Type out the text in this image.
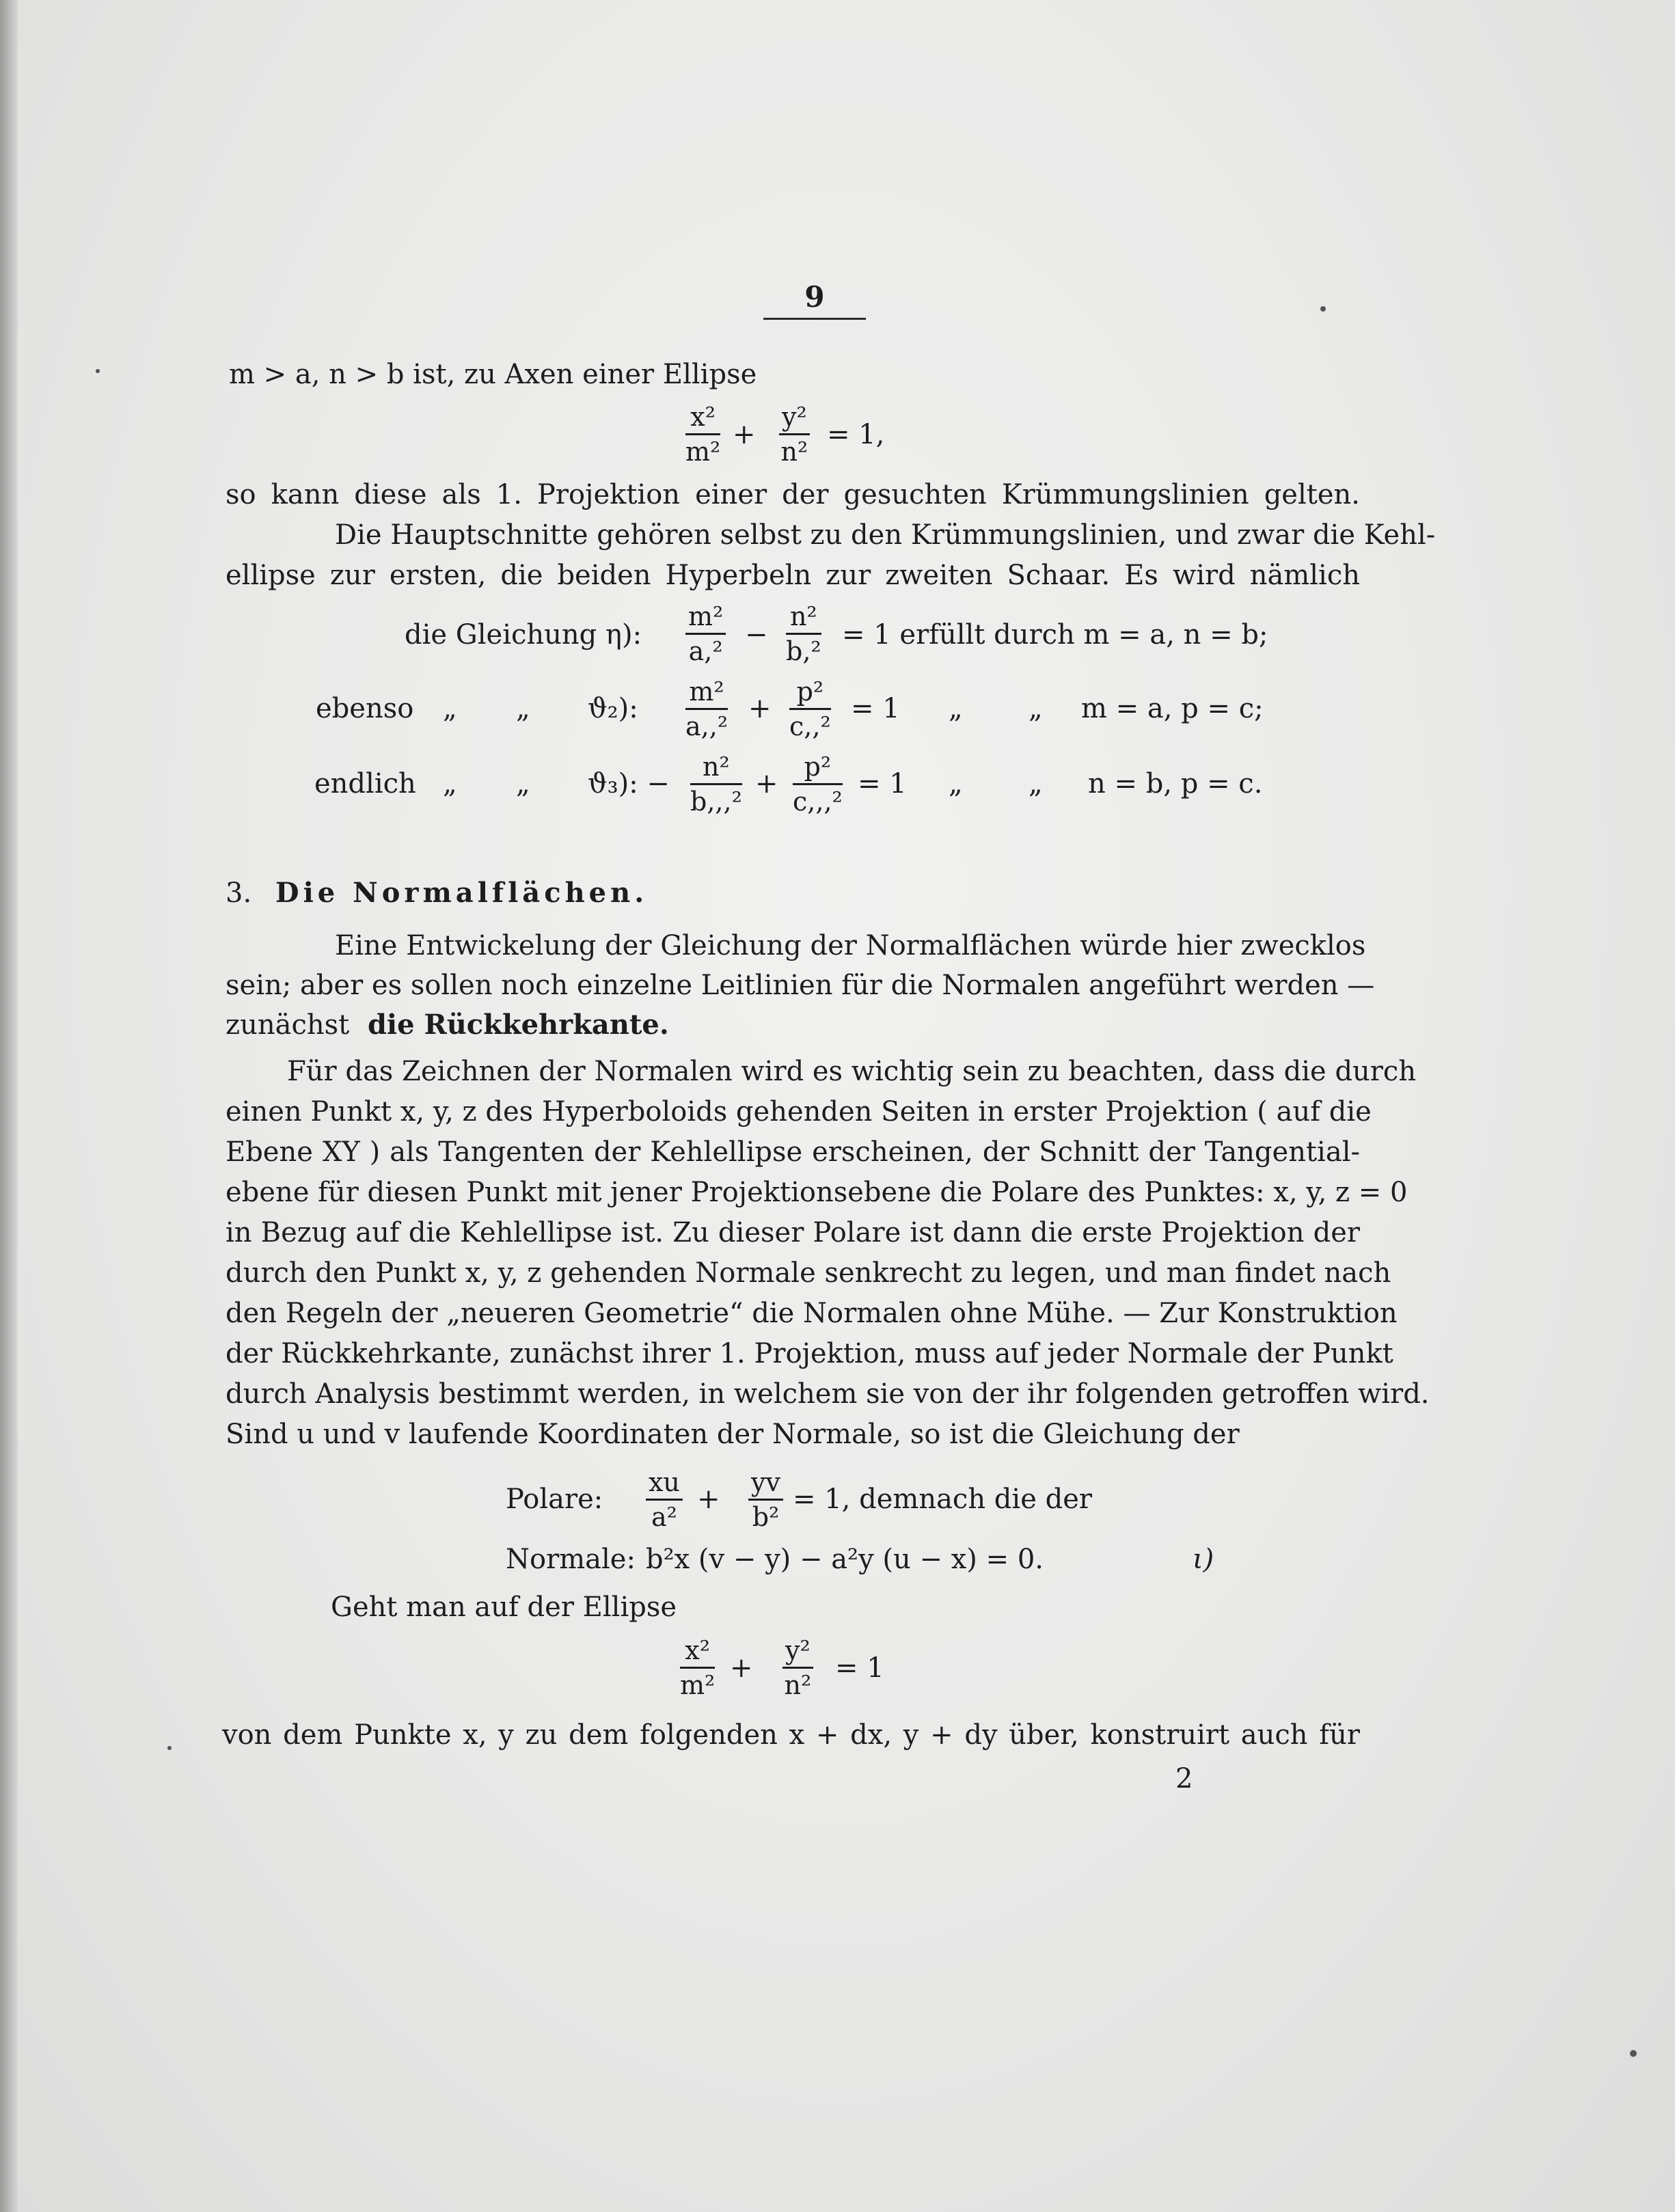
9
m > a, n > b ist, zu Axen einer Ellipse
$\frac{\text{x²}}{\text{m²}} + \frac{\text{y²}}{\text{n²}} = 1$,
so kann diese als 1. Projektion einer der gesuchten Krümmungslinien gelten.
Die Hauptschnitte gehören selbst zu den Krümmungslinien, und zwar die Kehl-
ellipse zur ersten, die beiden Hyperbeln zur zweiten Schaar. Es wird nämlich
die Gleichung η): $\frac{\text{m²}}{\text{a,²}} - \frac{\text{n²}}{\text{b,²}} = 1$ erfüllt durch m = a, n = b;
ebenso „ „ ϑ₂): $\frac{\text{m²}}{\text{a,,²}} + \frac{\text{p²}}{\text{c,,²}} = 1$ „ „ m = a, p = c;
endlich „ „ ϑ₃): − $\frac{\text{n²}}{\text{b,,,²}} + \frac{\text{p²}}{\text{c,,,²}} = 1$ „ „ n = b, p = c.
3. Die Normalflächen.
Eine Entwickelung der Gleichung der Normalflächen würde hier zwecklos
sein; aber es sollen noch einzelne Leitlinien für die Normalen angeführt werden —
zunächst die Rückkehrkante.
Für das Zeichnen der Normalen wird es wichtig sein zu beachten, dass die durch
einen Punkt x, y, z des Hyperboloids gehenden Seiten in erster Projektion ( auf die
Ebene XY ) als Tangenten der Kehlellipse erscheinen, der Schnitt der Tangential-
ebene für diesen Punkt mit jener Projektionsebene die Polare des Punktes: x, y, z = 0
in Bezug auf die Kehlellipse ist. Zu dieser Polare ist dann die erste Projektion der
durch den Punkt x, y, z gehenden Normale senkrecht zu legen, und man findet nach
den Regeln der „neueren Geometrie“ die Normalen ohne Mühe. — Zur Konstruktion
der Rückkehrkante, zunächst ihrer 1. Projektion, muss auf jeder Normale der Punkt
durch Analysis bestimmt werden, in welchem sie von der ihr folgenden getroffen wird.
Sind u und v laufende Koordinaten der Normale, so ist die Gleichung der
Polare: $\frac{xu}{\text{a²}} + \frac{yv}{\text{b²}} = 1$, demnach die der
Normale: b²x (v − y) − a²y (u − x) = 0.	ι)
Geht man auf der Ellipse
$\frac{\text{x²}}{\text{m²}} + \frac{\text{y²}}{\text{n²}} = 1$
von dem Punkte x, y zu dem folgenden x + dx, y + dy über, konstruirt auch für
2
